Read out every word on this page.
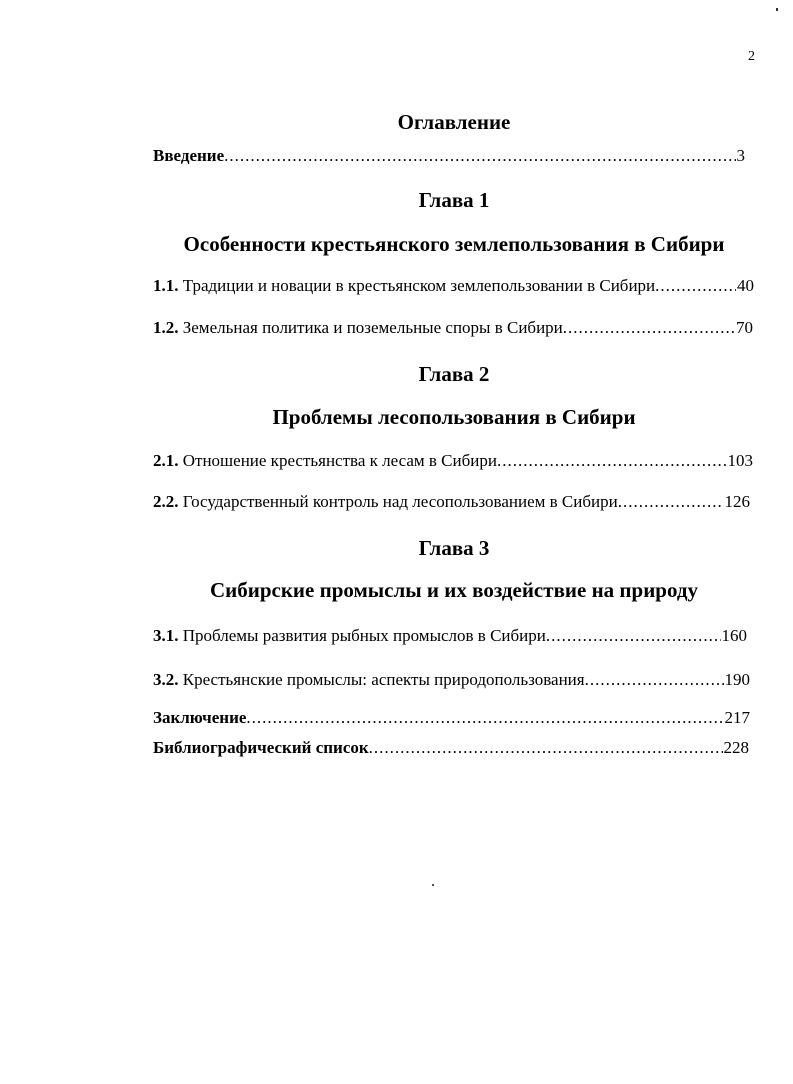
2
Оглавление
Введение .....	3
Глава 1
Особенности крестьянского землепользования в Сибири
1.1. Традиции и новации в крестьянском землепользовании в Сибири .....	40
1.2. Земельная политика и поземельные споры в Сибири .....	70
Глава 2
Проблемы лесопользования в Сибири
2.1. Отношение крестьянства к лесам в Сибири .....	103
2.2. Государственный контроль над лесопользованием в Сибири .....	126
Глава 3
Сибирские промыслы и их воздействие на природу
3.1. Проблемы развития рыбных промыслов в Сибири .....	160
3.2. Крестьянские промыслы: аспекты природопользования .....	190
Заключение .....	217
Библиографический список .....	228
